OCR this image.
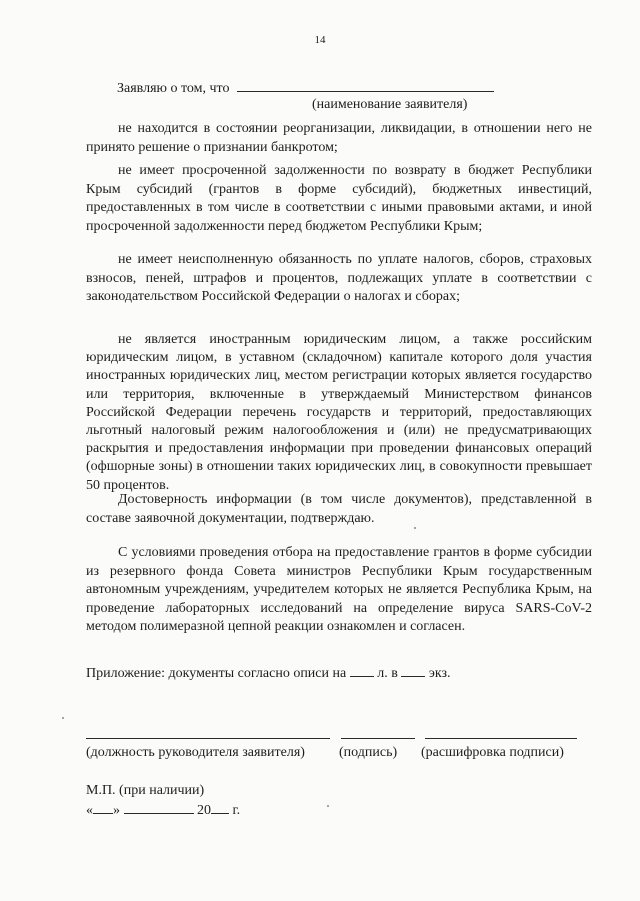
14
Заявляю о том, что
(наименование заявителя)
не находится в состоянии реорганизации, ликвидации, в отношении него не принято решение о признании банкротом;
не имеет просроченной задолженности по возврату в бюджет Республики Крым субсидий (грантов в форме субсидий), бюджетных инвестиций, предоставленных в том числе в соответствии с иными правовыми актами, и иной просроченной задолженности перед бюджетом Республики Крым;
не имеет неисполненную обязанность по уплате налогов, сборов, страховых взносов, пеней, штрафов и процентов, подлежащих уплате в соответствии с законодательством Российской Федерации о налогах и сборах;
не является иностранным юридическим лицом, а также российским юридическим лицом, в уставном (складочном) капитале которого доля участия иностранных юридических лиц, местом регистрации которых является государство или территория, включенные в утверждаемый Министерством финансов Российской Федерации перечень государств и территорий, предоставляющих льготный налоговый режим налогообложения и (или) не предусматривающих раскрытия и предоставления информации при проведении финансовых операций (офшорные зоны) в отношении таких юридических лиц, в совокупности превышает 50 процентов.
Достоверность информации (в том числе документов), представленной в составе заявочной документации, подтверждаю.
С условиями проведения отбора на предоставление грантов в форме субсидии из резервного фонда Совета министров Республики Крым государственным автономным учреждениям, учредителем которых не является Республика Крым, на проведение лабораторных исследований на определение вируса SARS-CoV-2 методом полимеразной цепной реакции ознакомлен и согласен.
Приложение: документы согласно описи на л. в экз.
(должность руководителя заявителя) (подпись) (расшифровка подписи)
М.П. (при наличии)
« »	20 г.
